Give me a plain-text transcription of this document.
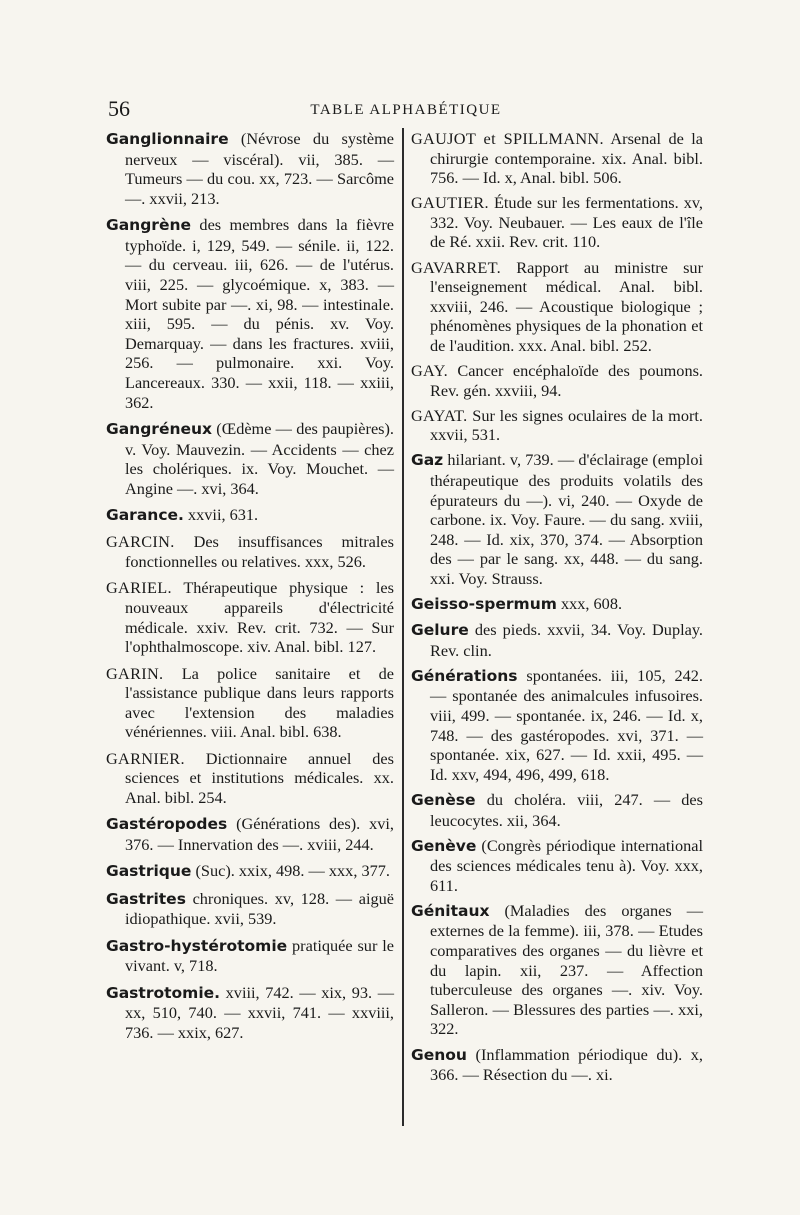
56	TABLE ALPHABÉTIQUE

Ganglionnaire (Névrose du système nerveux — viscéral). vii, 385. — Tumeurs — du cou. xx, 723. — Sarcôme —. xxvii, 213.

Gangrène des membres dans la fièvre typhoïde. i, 129, 549. — sénile. ii, 122. — du cerveau. iii, 626. — de l'utérus. viii, 225. — glycoémique. x, 383. — Mort subite par —. xi, 98. — intestinale. xiii, 595. — du pénis. xv. Voy. Demarquay. — dans les fractures. xviii, 256. — pulmonaire. xxi. Voy. Lancereaux. 330. — xxii, 118. — xxiii, 362.

Gangréneux (Œdème — des paupières). v. Voy. Mauvezin. — Accidents — chez les cholériques. ix. Voy. Mouchet. — Angine —. xvi, 364.

Garance. xxvii, 631.

GARCIN. Des insuffisances mitrales fonctionnelles ou relatives. xxx, 526.

GARIEL. Thérapeutique physique : les nouveaux appareils d'électricité médicale. xxiv. Rev. crit. 732. — Sur l'ophthalmoscope. xiv. Anal. bibl. 127.

GARIN. La police sanitaire et de l'assistance publique dans leurs rapports avec l'extension des maladies vénériennes. viii. Anal. bibl. 638.

GARNIER. Dictionnaire annuel des sciences et institutions médicales. xx. Anal. bibl. 254.

Gastéropodes (Générations des). xvi, 376. — Innervation des —. xviii, 244.

Gastrique (Suc). xxix, 498. — xxx, 377.

Gastrites chroniques. xv, 128. — aiguë idiopathique. xvii, 539.

Gastro-hystérotomie pratiquée sur le vivant. v, 718.

Gastrotomie. xviii, 742. — xix, 93. — xx, 510, 740. — xxvii, 741. — xxviii, 736. — xxix, 627.

GAUJOT et SPILLMANN. Arsenal de la chirurgie contemporaine. xix. Anal. bibl. 756. — Id. x, Anal. bibl. 506.

GAUTIER. Étude sur les fermentations. xv, 332. Voy. Neubauer. — Les eaux de l'île de Ré. xxii. Rev. crit. 110.

GAVARRET. Rapport au ministre sur l'enseignement médical. Anal. bibl. xxviii, 246. — Acoustique biologique ; phénomènes physiques de la phonation et de l'audition. xxx. Anal. bibl. 252.

GAY. Cancer encéphaloïde des poumons. Rev. gén. xxviii, 94.

GAYAT. Sur les signes oculaires de la mort. xxvii, 531.

Gaz hilariant. v, 739. — d'éclairage (emploi thérapeutique des produits volatils des épurateurs du —). vi, 240. — Oxyde de carbone. ix. Voy. Faure. — du sang. xviii, 248. — Id. xix, 370, 374. — Absorption des — par le sang. xx, 448. — du sang. xxi. Voy. Strauss.

Geisso-spermum xxx, 608.

Gelure des pieds. xxvii, 34. Voy. Duplay. Rev. clin.

Générations spontanées. iii, 105, 242. — spontanée des animalcules infusoires. viii, 499. — spontanée. ix, 246. — Id. x, 748. — des gastéropodes. xvi, 371. — spontanée. xix, 627. — Id. xxii, 495. — Id. xxv, 494, 496, 499, 618.

Genèse du choléra. viii, 247. — des leucocytes. xii, 364.

Genève (Congrès périodique international des sciences médicales tenu à). Voy. xxx, 611.

Génitaux (Maladies des organes — externes de la femme). iii, 378. — Etudes comparatives des organes — du lièvre et du lapin. xii, 237. — Affection tuberculeuse des organes —. xiv. Voy. Salleron. — Blessures des parties —. xxi, 322.

Genou (Inflammation périodique du). x, 366. — Résection du —. xi.
